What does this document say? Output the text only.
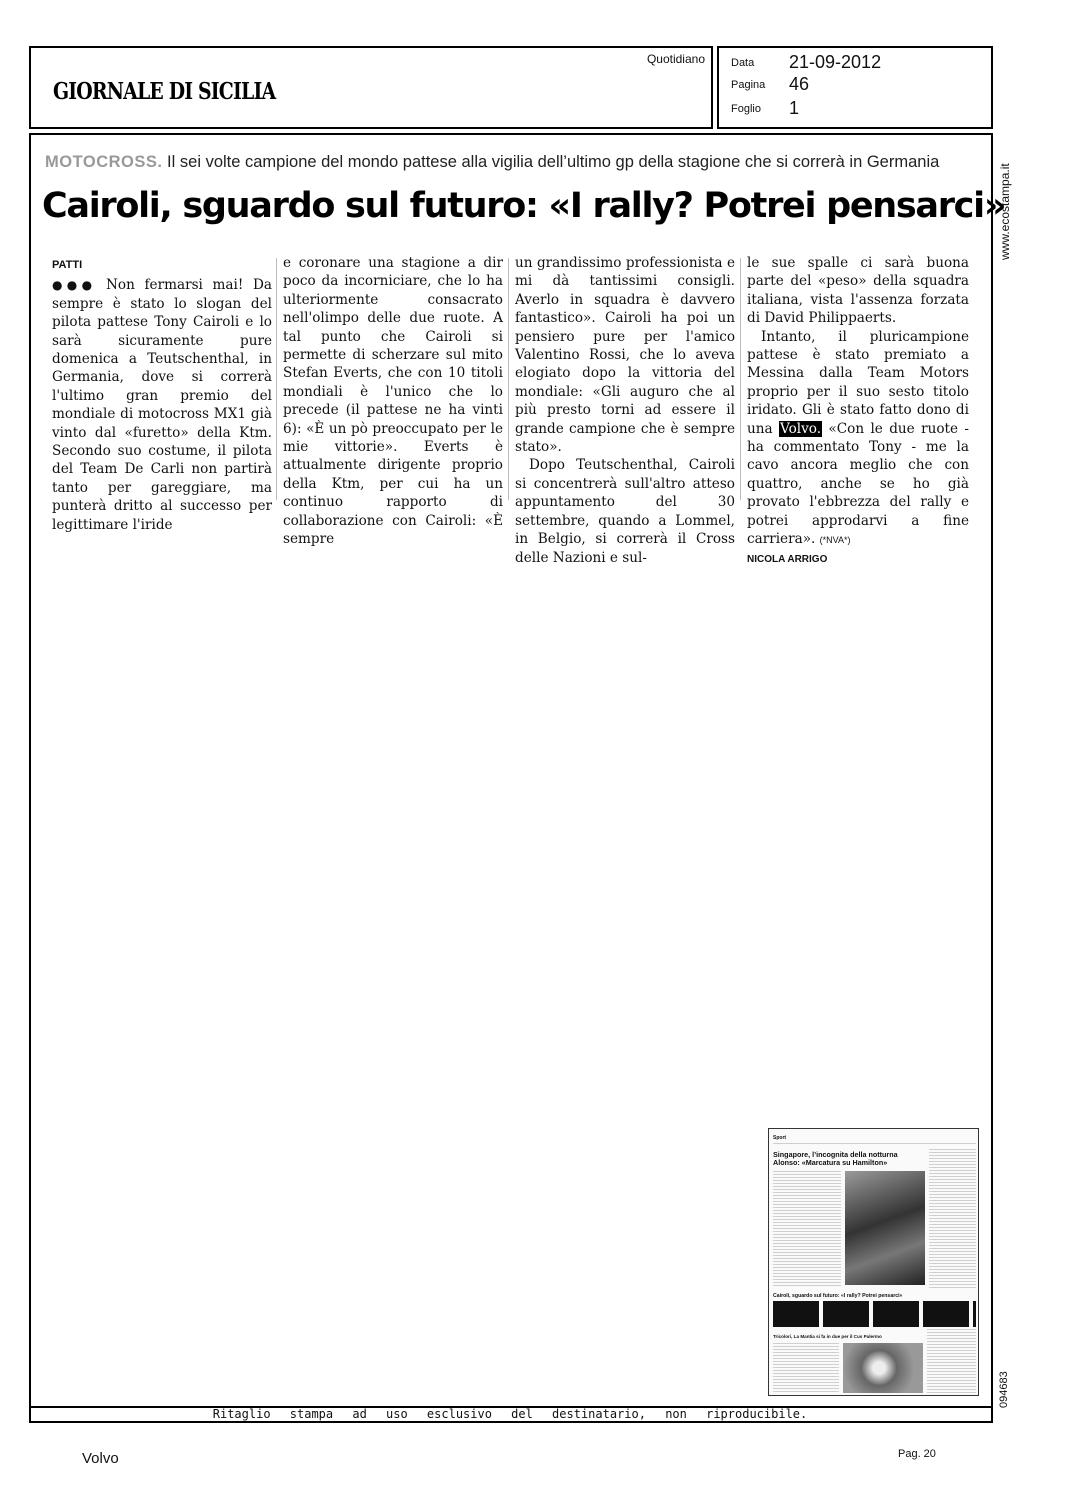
GIORNALE DI SICILIA
Quotidiano Data 21-09-2012
Pagina 46
Foglio 1
MOTOCROSS. Il sei volte campione del mondo pattese alla vigilia dell’ultimo gp della stagione che si correrà in Germania
Cairoli, sguardo sul futuro: «I rally? Potrei pensarci»
PATTI

●●● Non fermarsi mai! Da sempre è stato lo slogan del pilota pattese Tony Cairoli e lo sarà sicuramente pure domenica a Teutschenthal, in Germania, dove si correrà l'ultimo gran premio del mondiale di motocross MX1 già vinto dal «furetto» della Ktm. Secondo suo costume, il pilota del Team De Carli non partirà tanto per gareggiare, ma punterà dritto al successo per legittimare l'iride

e coronare una stagione a dir poco da incorniciare, che lo ha ulteriormente consacrato nell'olimpo delle due ruote. A tal punto che Cairoli si permette di scherzare sul mito Stefan Everts, che con 10 titoli mondiali è l'unico che lo precede (il pattese ne ha vinti 6): «È un pò preoccupato per le mie vittorie». Everts è attualmente dirigente proprio della Ktm, per cui ha un continuo rapporto di collaborazione con Cairoli: «È sempre

un grandissimo professionista e mi dà tantissimi consigli. Averlo in squadra è davvero fantastico». Cairoli ha poi un pensiero pure per l'amico Valentino Rossi, che lo aveva elogiato dopo la vittoria del mondiale: «Gli auguro che al più presto torni ad essere il grande campione che è sempre stato».

Dopo Teutschenthal, Cairoli si concentrerà sull'altro atteso appuntamento del 30 settembre, quando a Lommel, in Belgio, si correrà il Cross delle Nazioni e sul-

le sue spalle ci sarà buona parte del «peso» della squadra italiana, vista l'assenza forzata di David Philippaerts.

Intanto, il pluricampione pattese è stato premiato a Messina dalla Team Motors proprio per il suo sesto titolo iridato. Gli è stato fatto dono di una Volvo. «Con le due ruote - ha commentato Tony - me la cavo ancora meglio che con quattro, anche se ho già provato l'ebbrezza del rally e potrei approdarvi a fine carriera». (*NVA*)

NICOLA ARRIGO
www.ecostampa.it
094683
Sport
Singapore, l’incognita della notturna Alonso: «Marcatura su Hamilton»
Cairoli, sguardo sul futuro: «I rally? Potrei pensarci»
Tricolori, La Mantia si fa in due per il Cus Palermo
Ritaglio stampa ad uso esclusivo del destinatario, non riproducibile.
Volvo	Pag. 20
